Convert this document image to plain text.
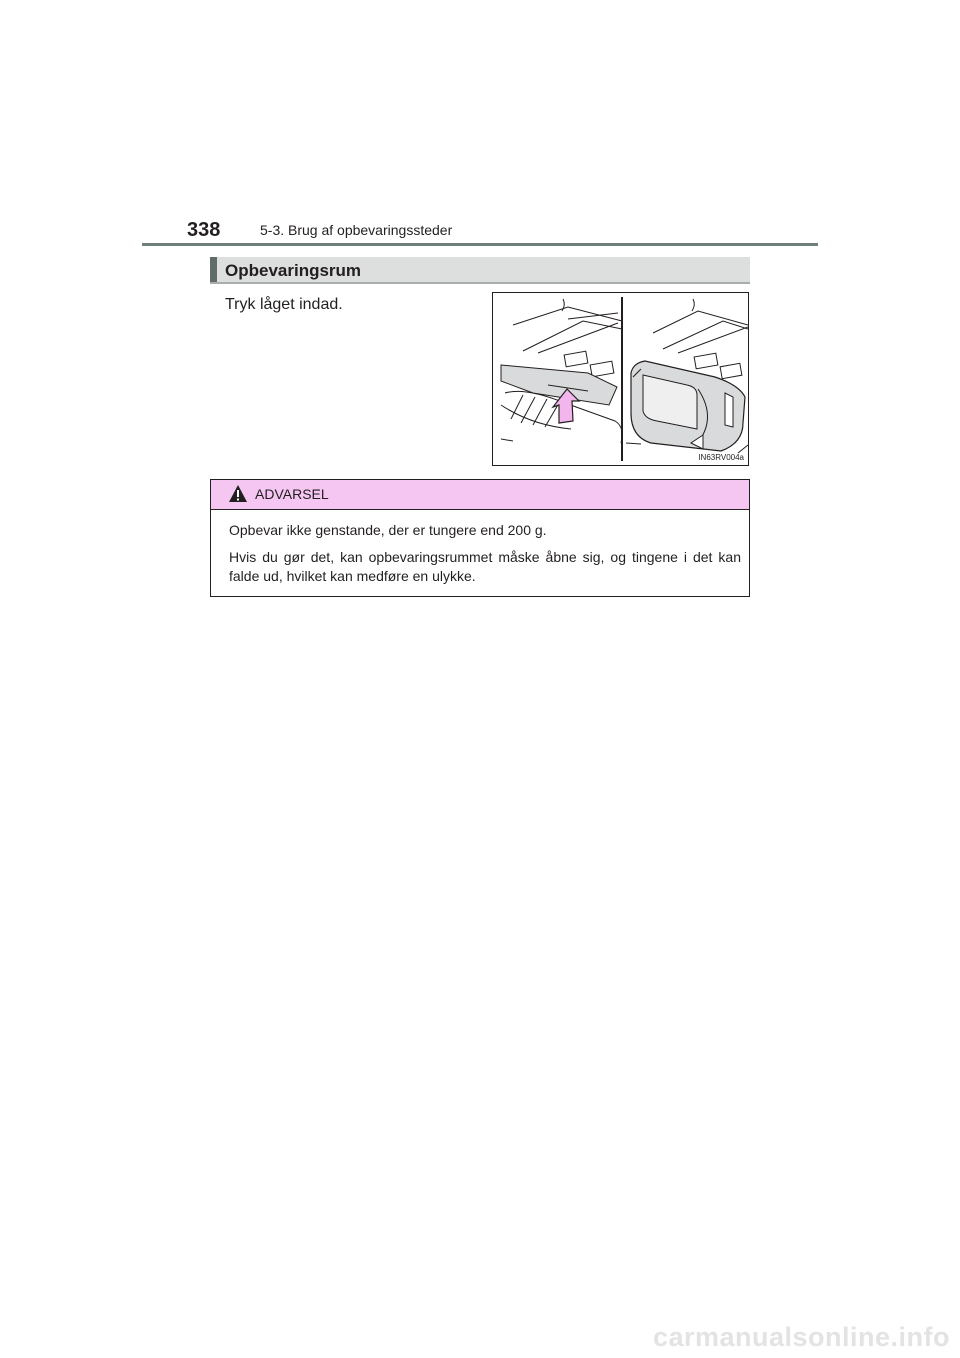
338	5-3. Brug af opbevaringssteder
Opbevaringsrum
Tryk låget indad.
IN63RV004a
ADVARSEL

Opbevar ikke genstande, der er tungere end 200 g.

Hvis du gør det, kan opbevaringsrummet måske åbne sig, og tingene i det kan falde ud, hvilket kan medføre en ulykke.

carmanualsonline.info
